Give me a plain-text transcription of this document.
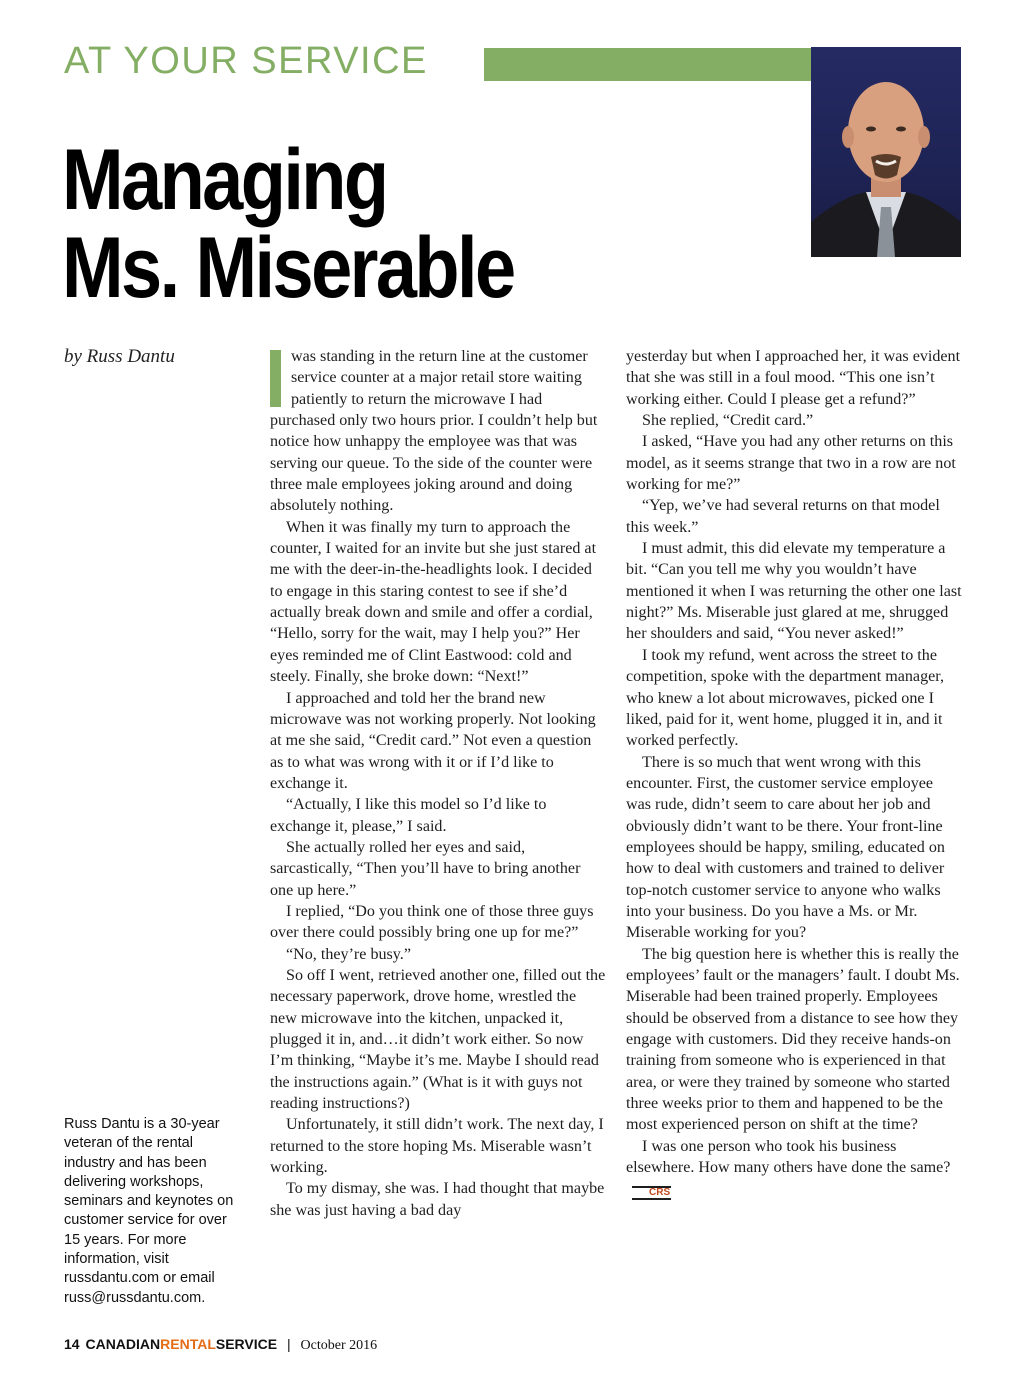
AT YOUR SERVICE
Managing
Ms. Miserable
by Russ Dantu
Russ Dantu is a 30-year veteran of the rental industry and has been delivering workshops, seminars and keynotes on customer service for over 15 years. For more information, visit russdantu.com or email russ@russdantu.com.

was standing in the return line at the customer service counter at a major retail store waiting patiently to return the microwave I had purchased only two hours prior. I couldn’t help but notice how unhappy the employee was that was serving our queue. To the side of the counter were three male employees joking around and doing absolutely nothing.

When it was finally my turn to approach the counter, I waited for an invite but she just stared at me with the deer-in-the-headlights look. I decided to engage in this staring contest to see if she’d actually break down and smile and offer a cordial, “Hello, sorry for the wait, may I help you?” Her eyes reminded me of Clint Eastwood: cold and steely. Finally, she broke down: “Next!”

I approached and told her the brand new microwave was not working properly. Not looking at me she said, “Credit card.” Not even a question as to what was wrong with it or if I’d like to exchange it.

“Actually, I like this model so I’d like to exchange it, please,” I said.

She actually rolled her eyes and said, sarcastically, “Then you’ll have to bring another one up here.”

I replied, “Do you think one of those three guys over there could possibly bring one up for me?”

“No, they’re busy.”

So off I went, retrieved another one, filled out the necessary paperwork, drove home, wrestled the new microwave into the kitchen, unpacked it, plugged it in, and…it didn’t work either. So now I’m thinking, “Maybe it’s me. Maybe I should read the instructions again.” (What is it with guys not reading instructions?)

Unfortunately, it still didn’t work. The next day, I returned to the store hoping Ms. Miserable wasn’t working.

To my dismay, she was. I had thought that maybe she was just having a bad day

yesterday but when I approached her, it was evident that she was still in a foul mood. “This one isn’t working either. Could I please get a refund?”

She replied, “Credit card.”

I asked, “Have you had any other returns on this model, as it seems strange that two in a row are not working for me?”

“Yep, we’ve had several returns on that model this week.”

I must admit, this did elevate my temperature a bit. “Can you tell me why you wouldn’t have mentioned it when I was returning the other one last night?” Ms. Miserable just glared at me, shrugged her shoulders and said, “You never asked!”

I took my refund, went across the street to the competition, spoke with the department manager, who knew a lot about microwaves, picked one I liked, paid for it, went home, plugged it in, and it worked perfectly.

There is so much that went wrong with this encounter. First, the customer service employee was rude, didn’t seem to care about her job and obviously didn’t want to be there. Your front-line employees should be happy, smiling, educated on how to deal with customers and trained to deliver top-notch customer service to anyone who walks into your business. Do you have a Ms. or Mr. Miserable working for you?

The big question here is whether this is really the employees’ fault or the managers’ fault. I doubt Ms. Miserable had been trained properly. Employees should be observed from a distance to see how they engage with customers. Did they receive hands-on training from someone who is experienced in that area, or were they trained by someone who started three weeks prior to them and happened to be the most experienced person on shift at the time?

I was one person who took his business elsewhere. How many others have done the same?CRS

14 CANADIANRENTALSERVICE | October 2016
